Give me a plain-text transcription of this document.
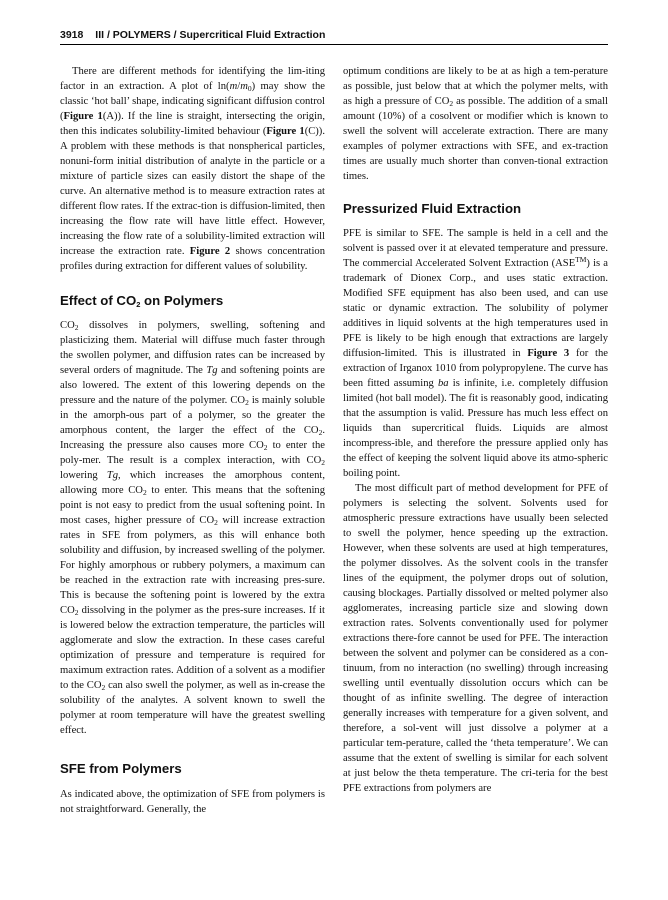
3918 III / POLYMERS / Supercritical Fluid Extraction

There are different methods for identifying the lim-iting factor in an extraction. A plot of $\ln(m/m_0)$ may show the classic ‘hot ball’ shape, indicating significant diffusion control (Figure 1(A)). If the line is straight, intersecting the origin, then this indicates solubility-limited behaviour (Figure 1(C)). A problem with these methods is that nonspherical particles, nonuni-form initial distribution of analyte in the particle or a mixture of particle sizes can easily distort the shape of the curve. An alternative method is to measure extraction rates at different flow rates. If the extrac-tion is diffusion-limited, then increasing the flow rate will have little effect. However, increasing the flow rate of a solubility-limited extraction will increase the extraction rate. Figure 2 shows concentration profiles during extraction for different values of solubility.

Effect of $CO_2$ on Polymers

$CO_2$ dissolves in polymers, swelling, softening and plasticizing them. Material will diffuse much faster through the swollen polymer, and diffusion rates can be increased by several orders of magnitude. The Tg and softening points are also lowered. The extent of this lowering depends on the pressure and the nature of the polymer. $CO_2$ is mainly soluble in the amorph-ous part of a polymer, so the greater the amorphous content, the larger the effect of the $CO_2$. Increasing the pressure also causes more $CO_2$ to enter the poly-mer. The result is a complex interaction, with $CO_2$ lowering Tg, which increases the amorphous content, allowing more $CO_2$ to enter. This means that the softening point is not easy to predict from the usual softening point. In most cases, higher pressure of $CO_2$ will increase extraction rates in SFE from polymers, as this will enhance both solubility and diffusion, by increased swelling of the polymer. For highly amorphous or rubbery polymers, a maximum can be reached in the extraction rate with increasing pres-sure. This is because the softening point is lowered by the extra $CO_2$ dissolving in the polymer as the pres-sure increases. If it is lowered below the extraction temperature, the particles will agglomerate and slow the extraction. In these cases careful optimization of pressure and temperature is required for maximum extraction rates. Addition of a solvent as a modifier to the $CO_2$ can also swell the polymer, as well as in-crease the solubility of the analytes. A solvent known to swell the polymer at room temperature will have the greatest swelling effect.

SFE from Polymers

As indicated above, the optimization of SFE from polymers is not straightforward. Generally, the

optimum conditions are likely to be at as high a tem-perature as possible, just below that at which the polymer melts, with as high a pressure of $CO_2$ as possible. The addition of a small amount (10%) of a cosolvent or modifier which is known to swell the solvent will accelerate extraction. There are many examples of polymer extractions with SFE, and ex-traction times are usually much shorter than conven-tional extraction times.

Pressurized Fluid Extraction

PFE is similar to SFE. The sample is held in a cell and the solvent is passed over it at elevated temperature and pressure. The commercial Accelerated Solvent Extraction (ASE™) is a trademark of Dionex Corp., and uses static extraction. Modified SFE equipment has also been used, and can use static or dynamic extraction. The solubility of polymer additives in liquid solvents at the high temperatures used in PFE is likely to be high enough that extractions are largely diffusion-limited. This is illustrated in Figure 3 for the extraction of Irganox 1010 from polypropylene. The curve has been fitted assuming ba is infinite, i.e. completely diffusion limited (hot ball model). The fit is reasonably good, indicating that the assumption is valid. Pressure has much less effect on liquids than supercritical fluids. Liquids are almost incompress-ible, and therefore the pressure applied only has the effect of keeping the solvent liquid above its atmo-spheric boiling point.

The most difficult part of method development for PFE of polymers is selecting the solvent. Solvents used for atmospheric pressure extractions have usually been selected to swell the polymer, hence speeding up the extraction. However, when these solvents are used at high temperatures, the polymer dissolves. As the solvent cools in the transfer lines of the equipment, the polymer drops out of solution, causing blockages. Partially dissolved or melted polymer also agglomerates, increasing particle size and slowing down extraction rates. Solvents conventionally used for polymer extractions there-fore cannot be used for PFE. The interaction between the solvent and polymer can be considered as a con-tinuum, from no interaction (no swelling) through increasing swelling until eventually dissolution occurs which can be thought of as infinite swelling. The degree of interaction generally increases with temperature for a given solvent, and therefore, a sol-vent will just dissolve a polymer at a particular tem-perature, called the ‘theta temperature’. We can assume that the extent of swelling is similar for each solvent at just below the theta temperature. The cri-teria for the best PFE extractions from polymers are
